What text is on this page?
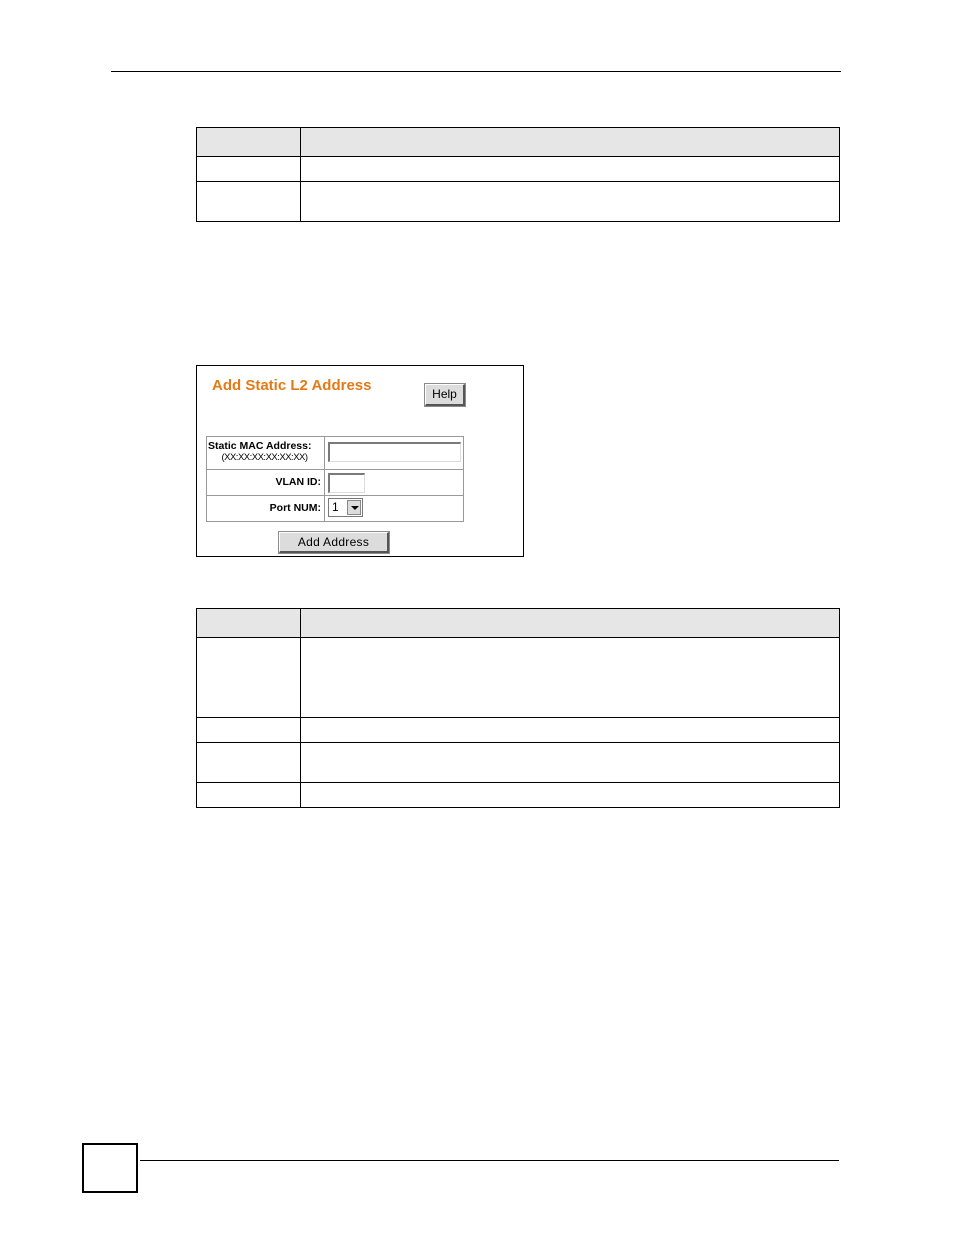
Add Static L2 Address	Help
Static MAC Address:
(XX:XX:XX:XX:XX:XX)
VLAN ID:
Port NUM: 1
Add Address
